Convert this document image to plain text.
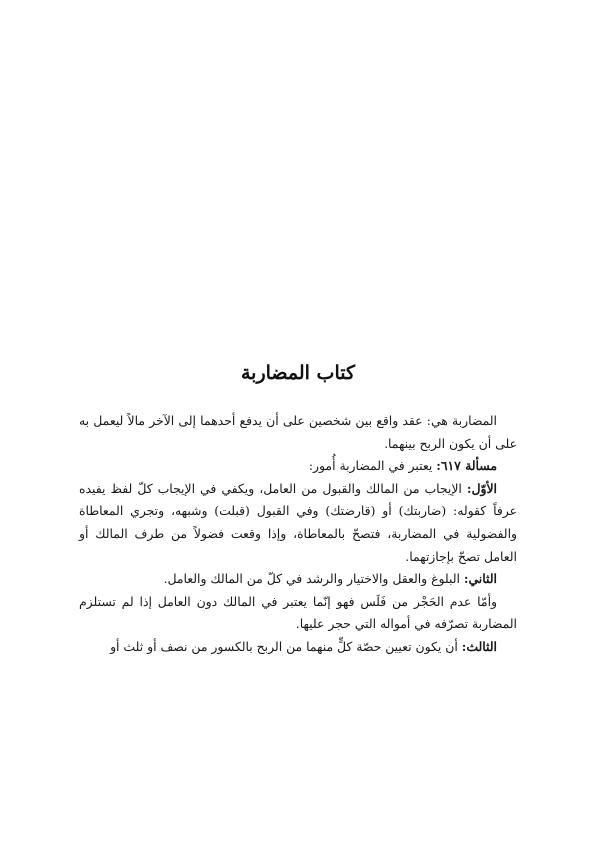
كتاب المضاربة

المضاربة هي: عقد واقع بين شخصين على أن يدفع أحدهما إلى الآخر مالاً ليعمل به على أن يكون الربح بينهما.

مسألة ٦١٧: يعتبر في المضاربة أُمور:

الأوّل: الإيجاب من المالك والقبول من العامل، ويكفي في الإيجاب كلّ لفظ يفيده عرفاً كقوله: (ضاربتك) أو (قارضتك) وفي القبول (قبلت) وشبهه، وتجري المعاطاة والفضولية في المضاربة، فتصحّ بالمعاطاة، وإذا وقعت فضولاً من طرف المالك أو العامل تصحّ بإجازتهما.

الثاني: البلوغ والعقل والاختيار والرشد في كلّ من المالك والعامل.

وأمّا عدم الحَجْر من فَلَس فهو إنّما يعتبر في المالك دون العامل إذا لم تستلزم المضاربة تصرّفه في أمواله التي حجر عليها.

الثالث: أن يكون تعيين حصّة كلٍّ منهما من الربح بالكسور من نصف أو ثلث أو
